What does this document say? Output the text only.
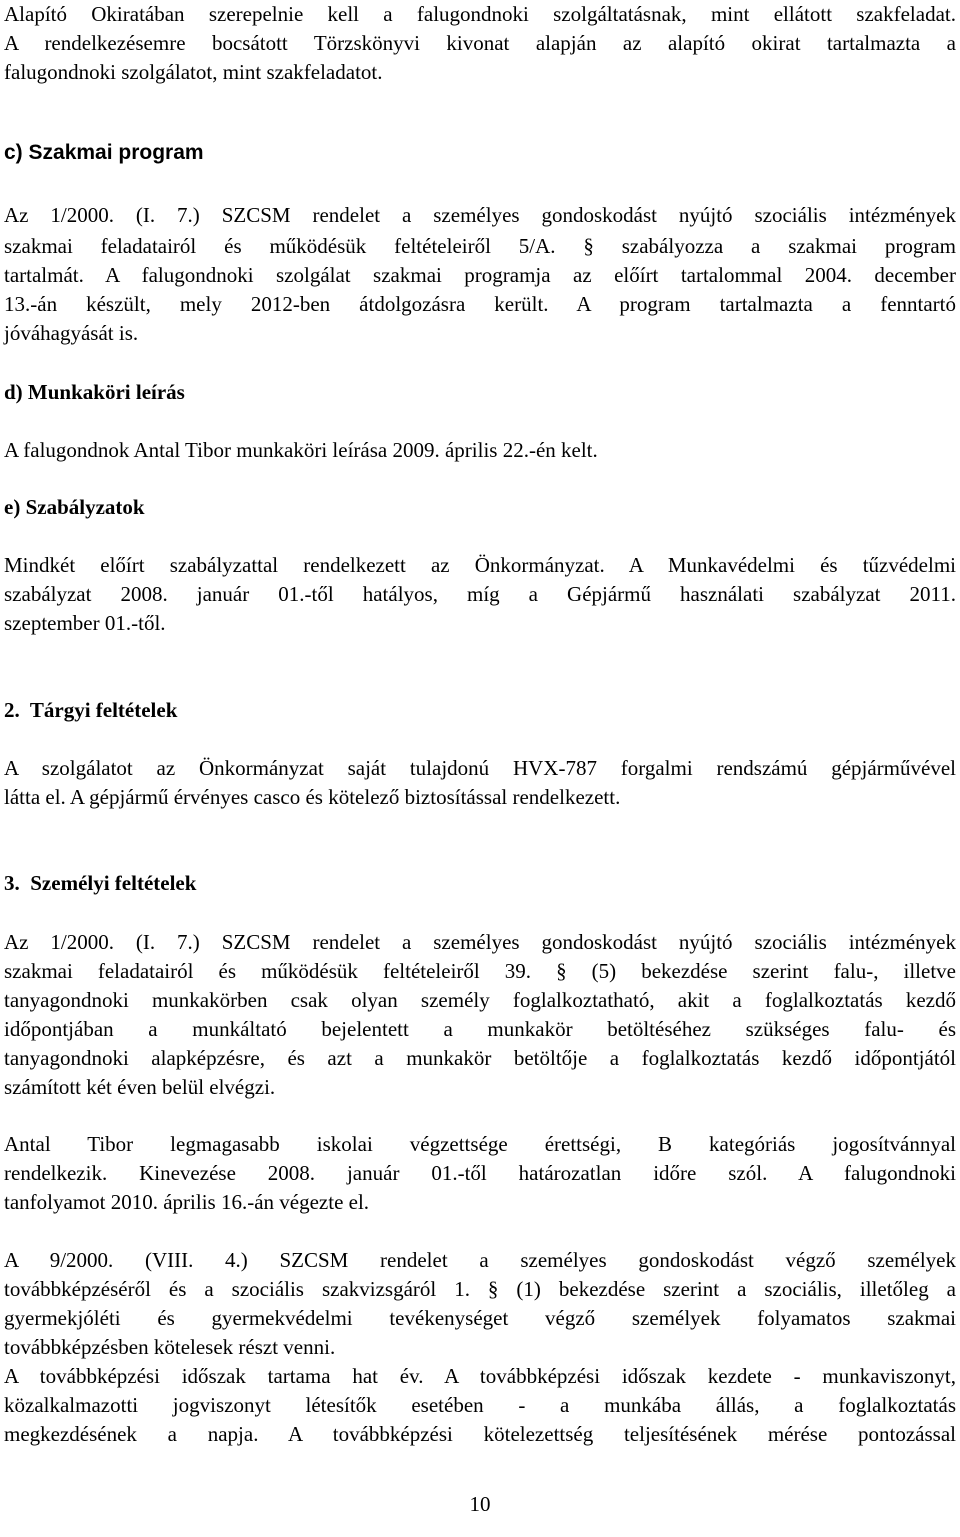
Alapító Okiratában szerepelnie kell a falugondnoki szolgáltatásnak, mint ellátott szakfeladat.
A rendelkezésemre bocsátott Törzskönyvi kivonat alapján az alapító okirat tartalmazta a
falugondnoki szolgálatot, mint szakfeladatot.
c) Szakmai program
Az 1/2000. (I. 7.) SZCSM rendelet a személyes gondoskodást nyújtó szociális intézmények
szakmai feladatairól és működésük feltételeiről 5/A. § szabályozza a szakmai program
tartalmát. A falugondnoki szolgálat szakmai programja az előírt tartalommal 2004. december
13.-án készült, mely 2012-ben átdolgozásra került. A program tartalmazta a fenntartó
jóváhagyását is.
d) Munkaköri leírás
A falugondnok Antal Tibor munkaköri leírása 2009. április 22.-én kelt.
e) Szabályzatok
Mindkét előírt szabályzattal rendelkezett az Önkormányzat. A Munkavédelmi és tűzvédelmi
szabályzat 2008. január 01.-től hatályos, míg a Gépjármű használati szabályzat 2011.
szeptember 01.-től.
2.  Tárgyi feltételek
A szolgálatot az Önkormányzat saját tulajdonú HVX-787 forgalmi rendszámú gépjárművével
látta el. A gépjármű érvényes casco és kötelező biztosítással rendelkezett.
3.  Személyi feltételek
Az 1/2000. (I. 7.) SZCSM rendelet a személyes gondoskodást nyújtó szociális intézmények
szakmai feladatairól és működésük feltételeiről 39. § (5) bekezdése szerint falu-, illetve
tanyagondnoki munkakörben csak olyan személy foglalkoztatható, akit a foglalkoztatás kezdő
időpontjában a munkáltató bejelentett a munkakör betöltéséhez szükséges falu- és
tanyagondnoki alapképzésre, és azt a munkakör betöltője a foglalkoztatás kezdő időpontjától
számított két éven belül elvégzi.
Antal Tibor legmagasabb iskolai végzettsége érettségi, B kategóriás jogosítvánnyal
rendelkezik. Kinevezése 2008. január 01.-től határozatlan időre szól. A falugondnoki
tanfolyamot 2010. április 16.-án végezte el.
A 9/2000. (VIII. 4.) SZCSM rendelet a személyes gondoskodást végző személyek
továbbképzéséről és a szociális szakvizsgáról 1. § (1) bekezdése szerint a szociális, illetőleg a
gyermekjóléti és gyermekvédelmi tevékenységet végző személyek folyamatos szakmai
továbbképzésben kötelesek részt venni.
A továbbképzési időszak tartama hat év. A továbbképzési időszak kezdete - munkaviszonyt,
közalkalmazotti jogviszonyt létesítők esetében - a munkába állás, a foglalkoztatás
megkezdésének a napja. A továbbképzési kötelezettség teljesítésének mérése pontozással
10
